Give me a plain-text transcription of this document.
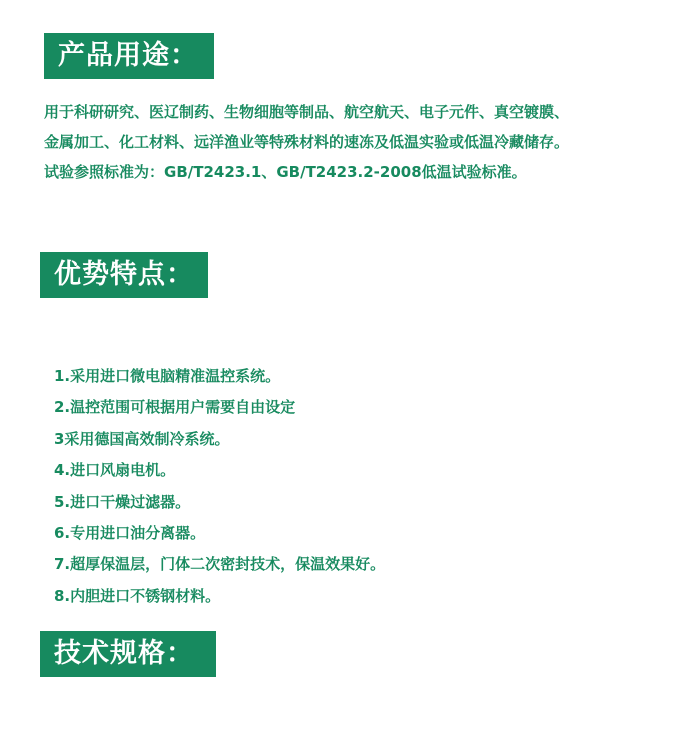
产品用途：
用于科研研究、医辽制药、生物细胞等制品、航空航天、电子元件、真空镀膜、
金属加工、化工材料、远洋渔业等特殊材料的速冻及低温实验或低温冷藏储存。
试验参照标准为：GB/T2423.1、GB/T2423.2-2008低温试验标准。
优势特点：
1.采用进口微电脑精准温控系统。
2.温控范围可根据用户需要自由设定
3采用德国高效制冷系统。
4.进口风扇电机。
5.进口干燥过滤器。
6.专用进口油分离器。
7.超厚保温层，门体二次密封技术，保温效果好。
8.内胆进口不锈钢材料。
技术规格：
